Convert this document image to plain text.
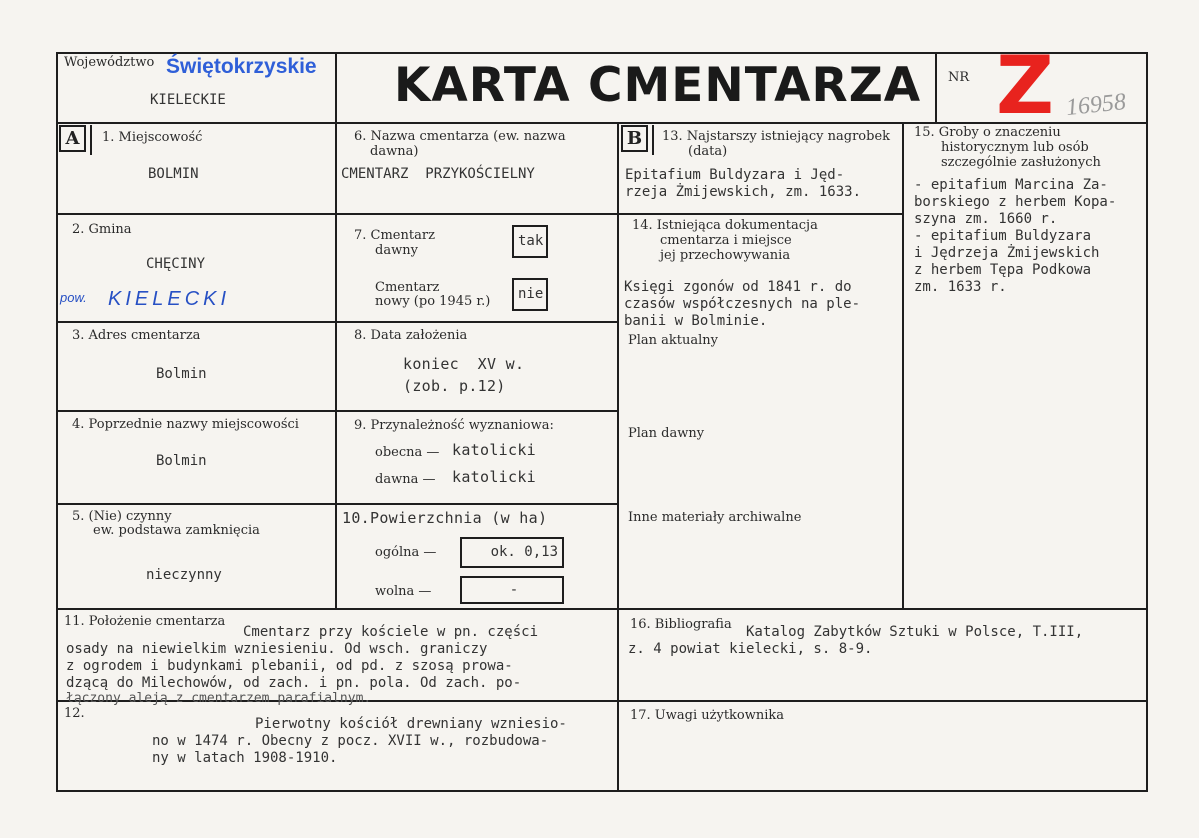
Województwo Świętokrzyskie
KIELECKIE	KARTA CMENTARZA NR Z 16958
A	1. Miejscowość
BOLMIN
2. Gmina
CHĘCINY
pow. KIELECKI
3. Adres cmentarza
Bolmin
4. Poprzednie nazwy miejscowości
Bolmin
5. (Nie) czynny
ew. podstawa zamknięcia
nieczynny
6. Nazwa cmentarza (ew. nazwa
dawna)
CMENTARZ  PRZYKOŚCIELNY
7. Cmentarz
dawny
tak
Cmentarz
nowy (po 1945 r.)	nie
8. Data założenia
koniec  XV w.
(zob. p.12)
9. Przynależność wyznaniowa:
obecna — katolicki
dawna — katolicki
10.Powierzchnia (w ha)
ogólna —	ok. 0,13
wolna —	-
B	13. Najstarszy istniejący nagrobek
(data)
Epitafium Buldyzara i Jęd-
rzeja Żmijewskich, zm. 1633.
14. Istniejąca dokumentacja
cmentarza i miejsce
jej przechowywania
Księgi zgonów od 1841 r. do
czasów współczesnych na ple-
banii w Bolminie.
Plan aktualny
Plan dawny
Inne materiały archiwalne
15. Groby o znaczeniu
historycznym lub osób
szczególnie zasłużonych
- epitafium Marcina Za-
borskiego z herbem Kopa-
szyna zm. 1660 r.
- epitafium Buldyzara
i Jędrzeja Żmijewskich
z herbem Tępa Podkowa
zm. 1633 r.
11. Położenie cmentarza
Cmentarz przy kościele w pn. części
osady na niewielkim wzniesieniu. Od wsch. graniczy
z ogrodem i budynkami plebanii, od pd. z szosą prowa-
dzącą do Milechowów, od zach. i pn. pola. Od zach. po-
łączony aleją z cmentarzem parafialnym.
12.
Pierwotny kościół drewniany wzniesio-
no w 1474 r. Obecny z pocz. XVII w., rozbudowa-
ny w latach 1908-1910.
16. Bibliografia Katalog Zabytków Sztuki w Polsce, T.III,
z. 4 powiat kielecki, s. 8-9.
17. Uwagi użytkownika
